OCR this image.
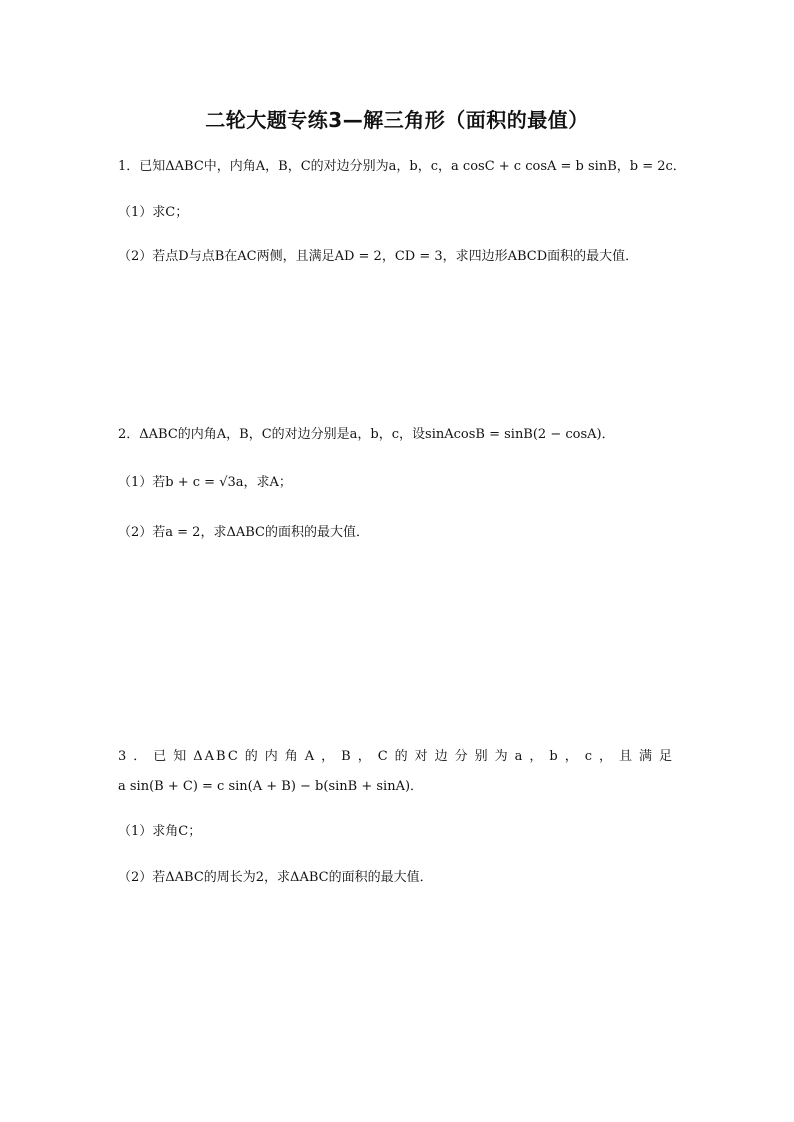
二轮大题专练3—解三角形（面积的最值）
1．已知ΔABC中，内角A，B，C的对边分别为a，b，c，a cosC + c cosA = b sinB，b = 2c．
（1）求C；
（2）若点D与点B在AC两侧，且满足AD = 2，CD = 3，求四边形ABCD面积的最大值．
2．ΔABC的内角A，B，C的对边分别是a，b，c，设sinAcosB = sinB(2 − cosA)．
（1）若b + c = √3a，求A；
（2）若a = 2，求ΔABC的面积的最大值．
3．已知ΔABC的内角A，B，C的对边分别为a，b，c，且满足
a sin(B + C) = c sin(A + B) − b(sinB + sinA)．
（1）求角C；
（2）若ΔABC的周长为2，求ΔABC的面积的最大值．
